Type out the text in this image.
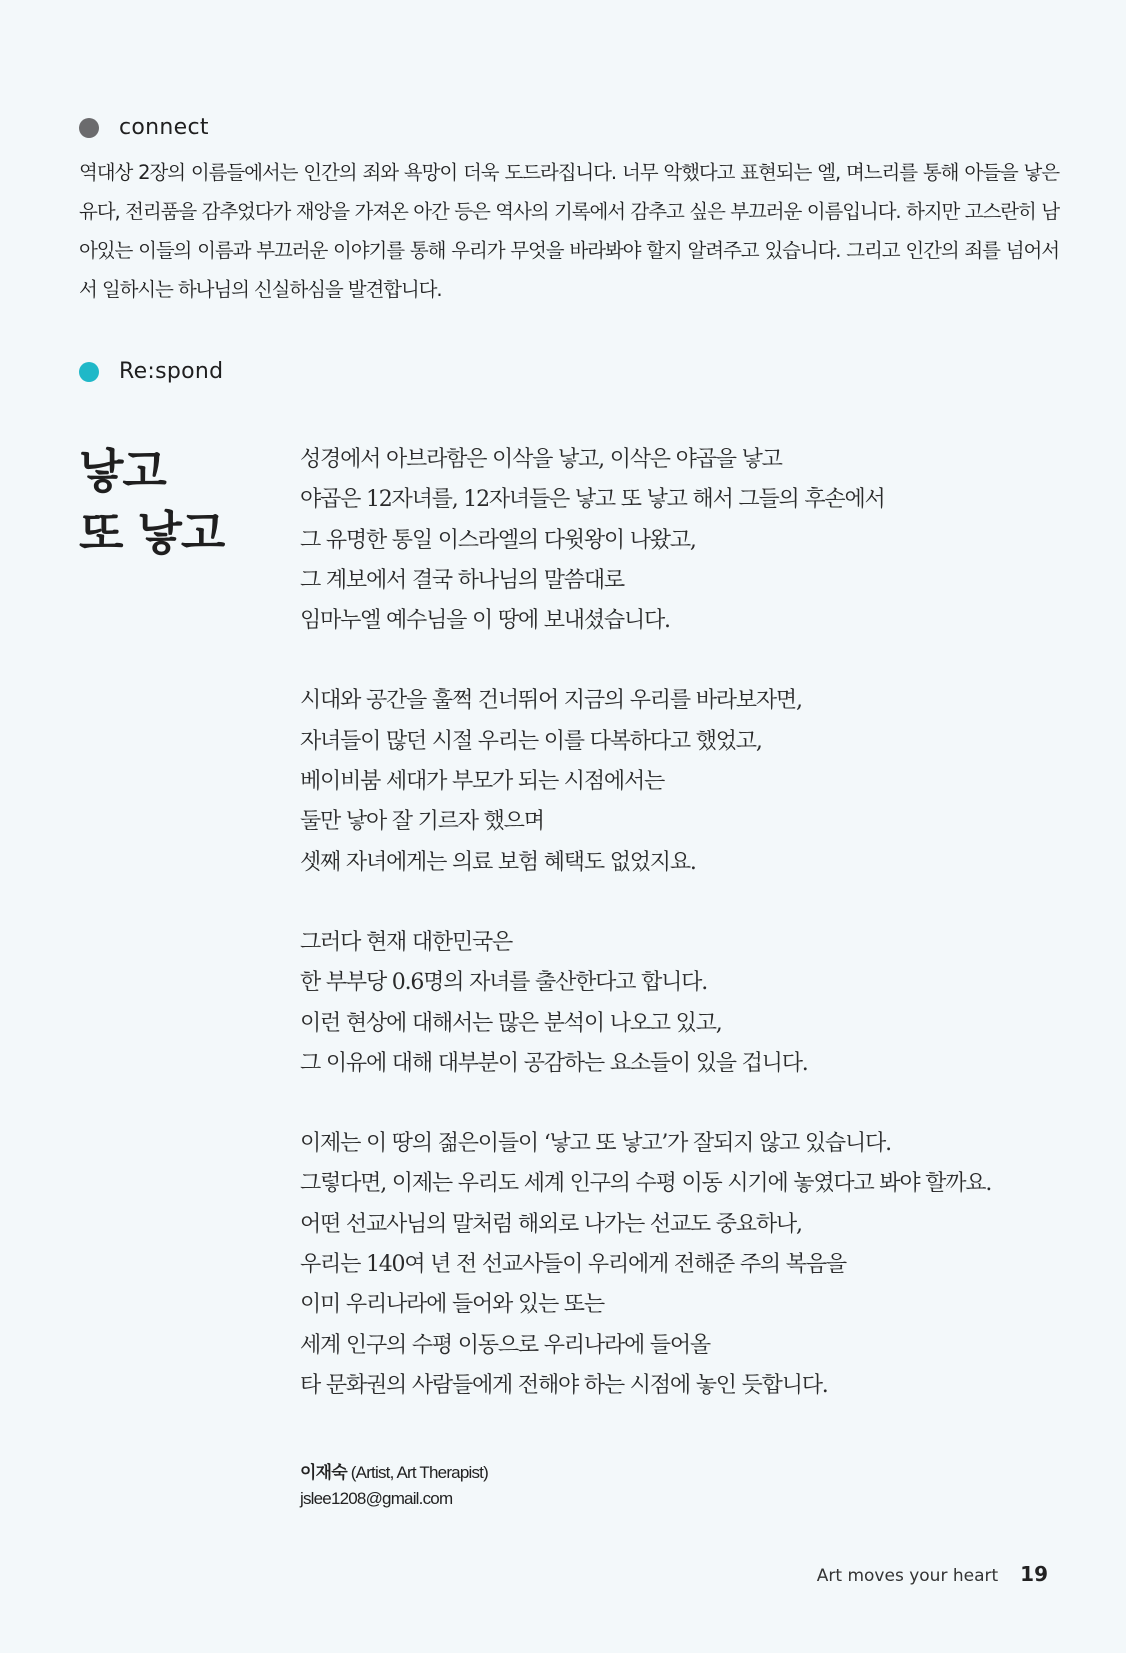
connect

역대상 2장의 이름들에서는 인간의 죄와 욕망이 더욱 도드라집니다. 너무 악했다고 표현되는 엘, 며느리를 통해 아들을 낳은 유다, 전리품을 감추었다가 재앙을 가져온 아간 등은 역사의 기록에서 감추고 싶은 부끄러운 이름입니다. 하지만 고스란히 남아있는 이들의 이름과 부끄러운 이야기를 통해 우리가 무엇을 바라봐야 할지 알려주고 있습니다. 그리고 인간의 죄를 넘어서서 일하시는 하나님의 신실하심을 발견합니다.

Re:spond
낳고
또 낳고
성경에서 아브라함은 이삭을 낳고, 이삭은 야곱을 낳고
야곱은 12자녀를, 12자녀들은 낳고 또 낳고 해서 그들의 후손에서
그 유명한 통일 이스라엘의 다윗왕이 나왔고,
그 계보에서 결국 하나님의 말씀대로
임마누엘 예수님을 이 땅에 보내셨습니다.
시대와 공간을 훌쩍 건너뛰어 지금의 우리를 바라보자면,
자녀들이 많던 시절 우리는 이를 다복하다고 했었고,
베이비붐 세대가 부모가 되는 시점에서는
둘만 낳아 잘 기르자 했으며
셋째 자녀에게는 의료 보험 혜택도 없었지요.
그러다 현재 대한민국은
한 부부당 0.6명의 자녀를 출산한다고 합니다.
이런 현상에 대해서는 많은 분석이 나오고 있고,
그 이유에 대해 대부분이 공감하는 요소들이 있을 겁니다.
이제는 이 땅의 젊은이들이 ‘낳고 또 낳고’가 잘되지 않고 있습니다.
그렇다면, 이제는 우리도 세계 인구의 수평 이동 시기에 놓였다고 봐야 할까요.
어떤 선교사님의 말처럼 해외로 나가는 선교도 중요하나,
우리는 140여 년 전 선교사들이 우리에게 전해준 주의 복음을
이미 우리나라에 들어와 있는 또는
세계 인구의 수평 이동으로 우리나라에 들어올
타 문화권의 사람들에게 전해야 하는 시점에 놓인 듯합니다.
이재숙 (Artist, Art Therapist)
jslee1208@gmail.com
Art moves your heart 19
